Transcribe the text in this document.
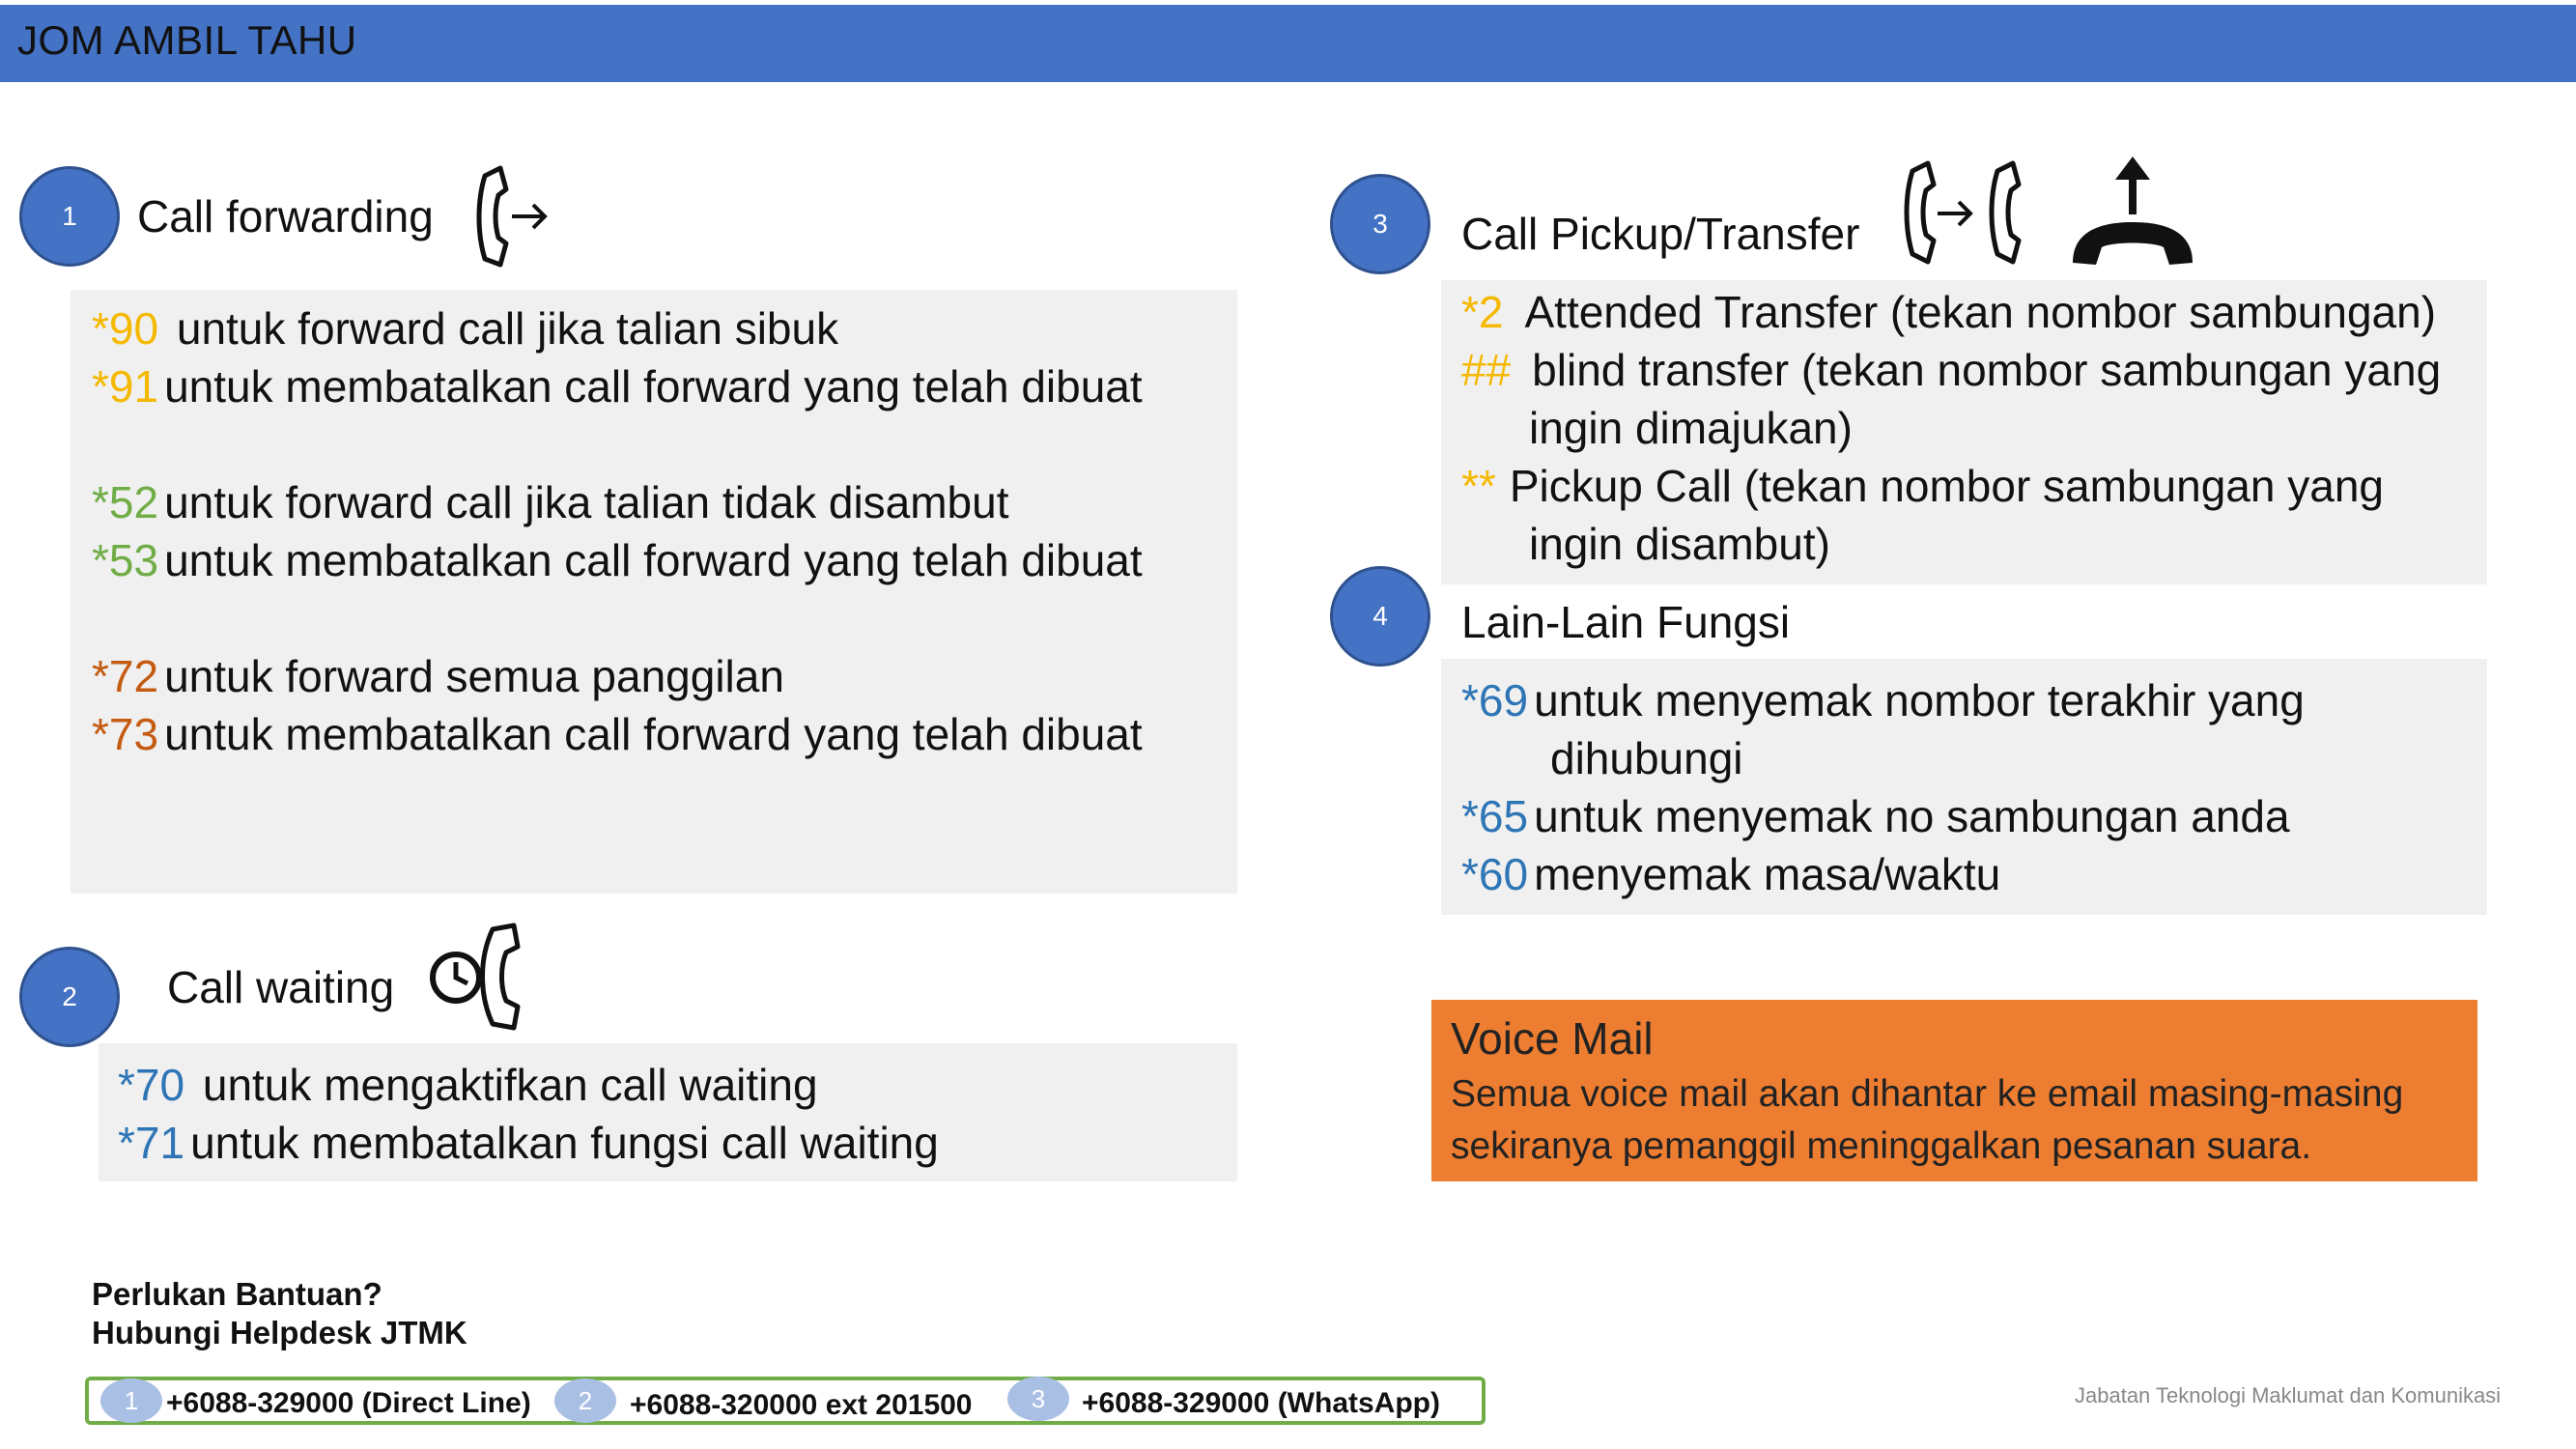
JOM AMBIL TAHU
1	Call forwarding
*90 untuk forward call jika talian sibuk
*91 untuk membatalkan call forward yang telah dibuat
*52 untuk forward call jika talian tidak disambut
*53 untuk membatalkan call forward yang telah dibuat
*72 untuk forward semua panggilan
*73 untuk membatalkan call forward yang telah dibuat
2	Call waiting
*70 untuk mengaktifkan call waiting
*71 untuk membatalkan fungsi call waiting
3	Call Pickup/Transfer
*2 Attended Transfer (tekan nombor sambungan)
## blind transfer (tekan nombor sambungan yang
ingin dimajukan)
** Pickup Call (tekan nombor sambungan yang
ingin disambut)
4	Lain-Lain Fungsi
*69 untuk menyemak nombor terakhir yang
dihubungi
*65 untuk menyemak no sambungan anda
*60 menyemak masa/waktu
Voice Mail
Semua voice mail akan dihantar ke email masing-masing
sekiranya pemanggil meninggalkan pesanan suara.
Perlukan Bantuan?
Hubungi Helpdesk JTMK
1 +6088-329000 (Direct Line)	2	+6088-320000 ext 201500	3	+6088-329000 (WhatsApp)	Jabatan Teknologi Maklumat dan Komunikasi
